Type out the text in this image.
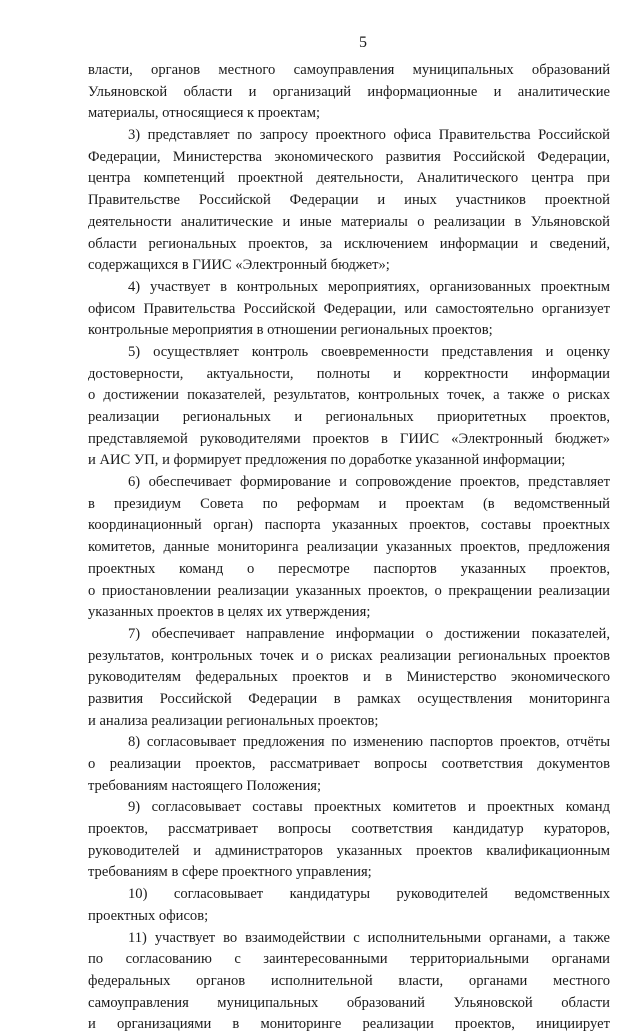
5
власти, органов местного самоуправления муниципальных образований
Ульяновской области и организаций информационные и аналитические
материалы, относящиеся к проектам;
3) представляет по запросу проектного офиса Правительства Российской
Федерации, Министерства экономического развития Российской Федерации,
центра компетенций проектной деятельности, Аналитического центра при
Правительстве Российской Федерации и иных участников проектной
деятельности аналитические и иные материалы о реализации в Ульяновской
области региональных проектов, за исключением информации и сведений,
содержащихся в ГИИС «Электронный бюджет»;
4) участвует в контрольных мероприятиях, организованных проектным
офисом Правительства Российской Федерации, или самостоятельно организует
контрольные мероприятия в отношении региональных проектов;
5) осуществляет контроль своевременности представления и оценку
достоверности, актуальности, полноты и корректности информации
о достижении показателей, результатов, контрольных точек, а также о рисках
реализации региональных и региональных приоритетных проектов,
представляемой руководителями проектов в ГИИС «Электронный бюджет»
и АИС УП, и формирует предложения по доработке указанной информации;
6) обеспечивает формирование и сопровождение проектов, представляет
в президиум Совета по реформам и проектам (в ведомственный
координационный орган) паспорта указанных проектов, составы проектных
комитетов, данные мониторинга реализации указанных проектов, предложения
проектных команд о пересмотре паспортов указанных проектов,
о приостановлении реализации указанных проектов, о прекращении реализации
указанных проектов в целях их утверждения;
7) обеспечивает направление информации о достижении показателей,
результатов, контрольных точек и о рисках реализации региональных проектов
руководителям федеральных проектов и в Министерство экономического
развития Российской Федерации в рамках осуществления мониторинга
и анализа реализации региональных проектов;
8) согласовывает предложения по изменению паспортов проектов, отчёты
о реализации проектов, рассматривает вопросы соответствия документов
требованиям настоящего Положения;
9) согласовывает составы проектных комитетов и проектных команд
проектов, рассматривает вопросы соответствия кандидатур кураторов,
руководителей и администраторов указанных проектов квалификационным
требованиям в сфере проектного управления;
10) согласовывает кандидатуры руководителей ведомственных
проектных офисов;
11) участвует во взаимодействии с исполнительными органами, а также
по согласованию с заинтересованными территориальными органами
федеральных органов исполнительной власти, органами местного
самоуправления муниципальных образований Ульяновской области
и организациями в мониторинге реализации проектов, инициирует
